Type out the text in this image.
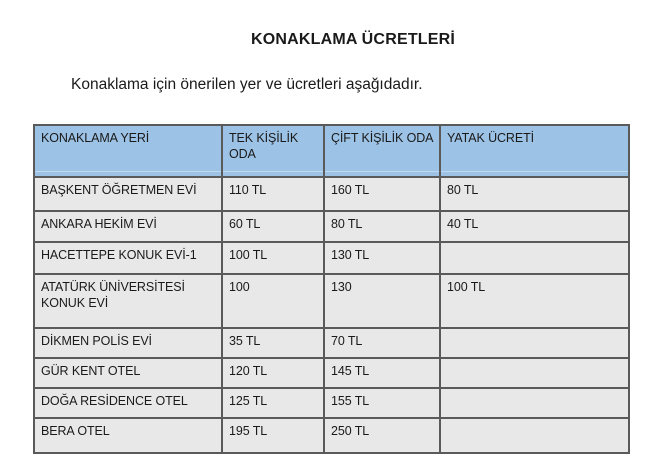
KONAKLAMA ÜCRETLERİ
Konaklama için önerilen yer ve ücretleri aşağıdadır.
KONAKLAMA YERİ	TEK KİŞİLİK ODA	ÇİFT KİŞİLİK ODA	YATAK ÜCRETİ

BAŞKENT ÖĞRETMEN EVİ	110 TL	160 TL	80 TL
ANKARA HEKİM EVİ	60 TL	80 TL	40 TL
HACETTEPE KONUK EVİ-1	100 TL	130 TL	
ATATÜRK ÜNİVERSİTESİ KONUK EVİ	100	130	100 TL
DİKMEN POLİS EVİ	35 TL	70 TL	
GÜR KENT OTEL	120 TL	145 TL	
DOĞA RESİDENCE OTEL	125 TL	155 TL	
BERA OTEL	195 TL	250 TL	
